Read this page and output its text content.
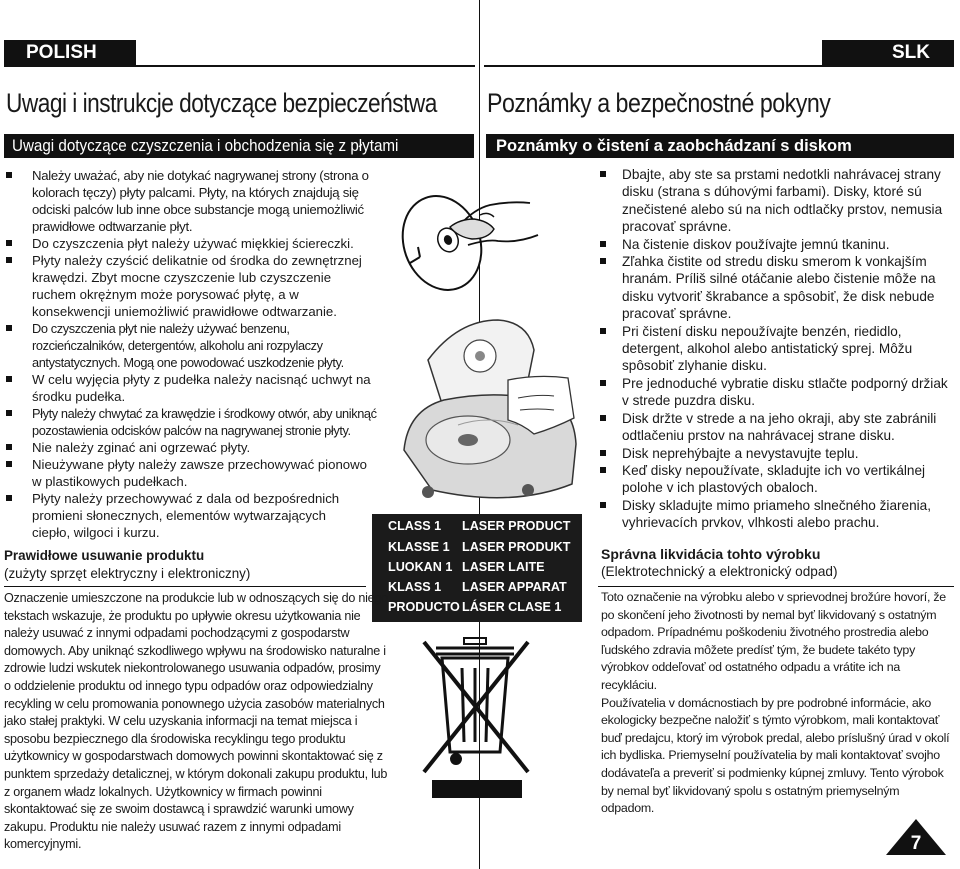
POLISH	SLK
Uwagi i instrukcje dotyczące bezpieczeństwa Poznámky a bezpečnostné pokyny
Uwagi dotyczące czyszczenia i obchodzenia się z płytami	Poznámky o čistení a zaobchádzaní s diskom
Należy uważać, aby nie dotykać nagrywanej strony (strona o kolorach tęczy) płyty palcami. Płyty, na których znajdują się odciski palców lub inne obce substancje mogą uniemożliwić prawidłowe odtwarzanie płyt.
Do czyszczenia płyt należy używać miękkiej ściereczki.
Płyty należy czyścić delikatnie od środka do zewnętrznej krawędzi. Zbyt mocne czyszczenie lub czyszczenie ruchem okrężnym może porysować płytę, a w konsekwencji uniemożliwić prawidłowe odtwarzanie.
Do czyszczenia płyt nie należy używać benzenu, rozcieńczalników, detergentów, alkoholu ani rozpylaczy antystatycznych. Mogą one powodować uszkodzenie płyty.
W celu wyjęcia płyty z pudełka należy nacisnąć uchwyt na środku pudełka.
Płyty należy chwytać za krawędzie i środkowy otwór, aby uniknąć pozostawienia odcisków palców na nagrywanej stronie płyty.
Nie należy zginać ani ogrzewać płyty.
Nieużywane płyty należy zawsze przechowywać pionowo w plastikowych pudełkach.
Płyty należy przechowywać z dala od bezpośrednich promieni słonecznych, elementów wytwarzających ciepło, wilgoci i kurzu.	CLASS 1 LASER PRODUCT
KLASSE 1 LASER PRODUKT
LUOKAN 1 LASER LAITE
KLASS 1 LASER APPARAT
PRODUCTO LÁSER CLASE 1
Prawidłowe usuwanie produktu
(zużyty sprzęt elektryczny i elektroniczny)

Oznaczenie umieszczone na produkcie lub w odnoszących się do niego tekstach wskazuje, że produktu po upływie okresu użytkowania nie należy usuwać z innymi odpadami pochodzącymi z gospodarstw domowych. Aby uniknąć szkodliwego wpływu na środowisko naturalne i zdrowie ludzi wskutek niekontrolowanego usuwania odpadów, prosimy o oddzielenie produktu od innego typu odpadów oraz odpowiedzialny recykling w celu promowania ponownego użycia zasobów materialnych jako stałej praktyki. W celu uzyskania informacji na temat miejsca i sposobu bezpiecznego dla środowiska recyklingu tego produktu użytkownicy w gospodarstwach domowych powinni skontaktować się z punktem sprzedaży detalicznej, w którym dokonali zakupu produktu, lub z organem władz lokalnych. Użytkownicy w firmach powinni skontaktować się ze swoim dostawcą i sprawdzić warunki umowy zakupu. Produktu nie należy usuwać razem z innymi odpadami komercyjnymi.

Dbajte, aby ste sa prstami nedotkli nahrávacej strany disku (strana s dúhovými farbami). Disky, ktoré sú znečistené alebo sú na nich odtlačky prstov, nemusia pracovať správne.
Na čistenie diskov používajte jemnú tkaninu.
Zľahka čistite od stredu disku smerom k vonkajším hranám. Príliš silné otáčanie alebo čistenie môže na disku vytvoriť škrabance a spôsobiť, že disk nebude pracovať správne.
Pri čistení disku nepoužívajte benzén, riedidlo, detergent, alkohol alebo antistatický sprej. Môžu spôsobiť zlyhanie disku.
Pre jednoduché vybratie disku stlačte podporný držiak v strede puzdra disku.
Disk držte v strede a na jeho okraji, aby ste zabránili odtlačeniu prstov na nahrávacej strane disku.
Disk neprehýbajte a nevystavujte teplu.
Keď disky nepoužívate, skladujte ich vo vertikálnej polohe v ich plastových obaloch.
Disky skladujte mimo priameho slnečného žiarenia, vyhrievacích prvkov, vlhkosti alebo prachu.
Správna likvidácia tohto výrobku
(Elektrotechnický a elektronický odpad)

Toto označenie na výrobku alebo v sprievodnej brožúre hovorí, že po skončení jeho životnosti by nemal byť likvidovaný s ostatným odpadom. Prípadnému poškodeniu životného prostredia alebo ľudského zdravia môžete predísť tým, že budete takéto typy výrobkov oddeľovať od ostatného odpadu a vrátite ich na recykláciu.

Používatelia v domácnostiach by pre podrobné informácie, ako ekologicky bezpečne naložiť s týmto výrobkom, mali kontaktovať buď predajcu, ktorý im výrobok predal, alebo príslušný úrad v okolí ich bydliska. Priemyselní používatelia by mali kontaktovať svojho dodávateľa a preveriť si podmienky kúpnej zmluvy. Tento výrobok by nemal byť likvidovaný spolu s ostatným priemyselným odpadom.

7
